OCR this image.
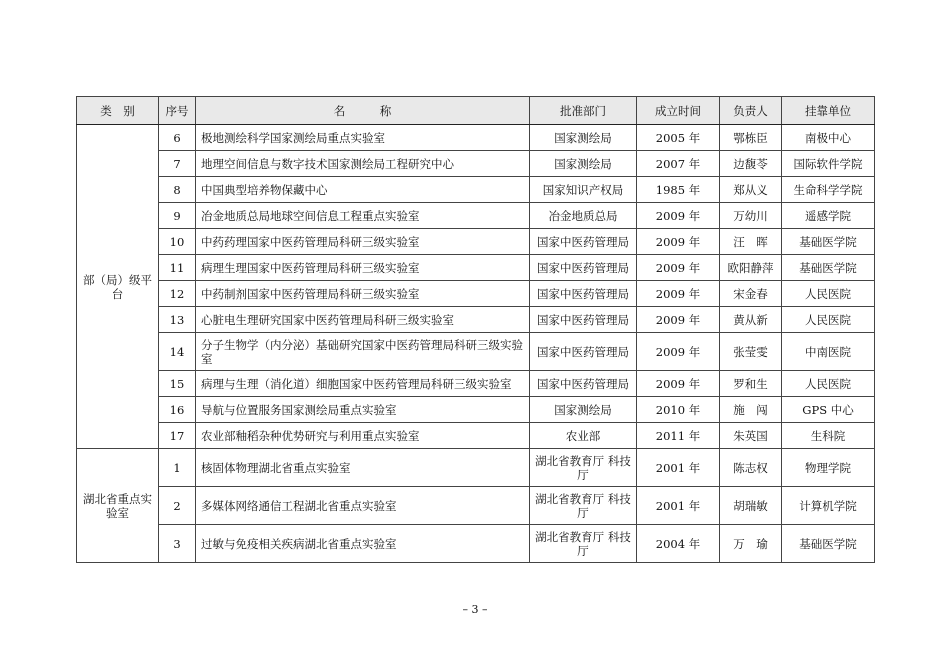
类　别	序号	名　　　称	批准部门	成立时间	负责人	挂靠单位
部（局）级平台	6	极地测绘科学国家测绘局重点实验室	国家测绘局	2005 年	鄂栋臣	南极中心
	7	地理空间信息与数字技术国家测绘局工程研究中心	国家测绘局	2007 年	边馥苓	国际软件学院
	8	中国典型培养物保藏中心	国家知识产权局	1985 年	郑从义	生命科学学院
	9	冶金地质总局地球空间信息工程重点实验室	冶金地质总局	2009 年	万幼川	遥感学院
	10	中药药理国家中医药管理局科研三级实验室	国家中医药管理局	2009 年	汪　晖	基础医学院
	11	病理生理国家中医药管理局科研三级实验室	国家中医药管理局	2009 年	欧阳静萍	基础医学院
	12	中药制剂国家中医药管理局科研三级实验室	国家中医药管理局	2009 年	宋金春	人民医院
	13	心脏电生理研究国家中医药管理局科研三级实验室	国家中医药管理局	2009 年	黄从新	人民医院
	14	分子生物学（内分泌）基础研究国家中医药管理局科研三级实验室	国家中医药管理局	2009 年	张莹雯	中南医院
	15	病理与生理（消化道）细胞国家中医药管理局科研三级实验室	国家中医药管理局	2009 年	罗和生	人民医院
	16	导航与位置服务国家测绘局重点实验室	国家测绘局	2010 年	施　闯	GPS 中心
	17	农业部釉稻杂种优势研究与利用重点实验室	农业部	2011 年	朱英国	生科院
湖北省重点实验室	1	核固体物理湖北省重点实验室	湖北省教育厅 科技厅	2001 年	陈志权	物理学院
	2	多媒体网络通信工程湖北省重点实验室	湖北省教育厅 科技厅	2001 年	胡瑞敏	计算机学院
	3	过敏与免疫相关疾病湖北省重点实验室	湖北省教育厅 科技厅	2004 年	万　瑜	基础医学院
– 3 –
